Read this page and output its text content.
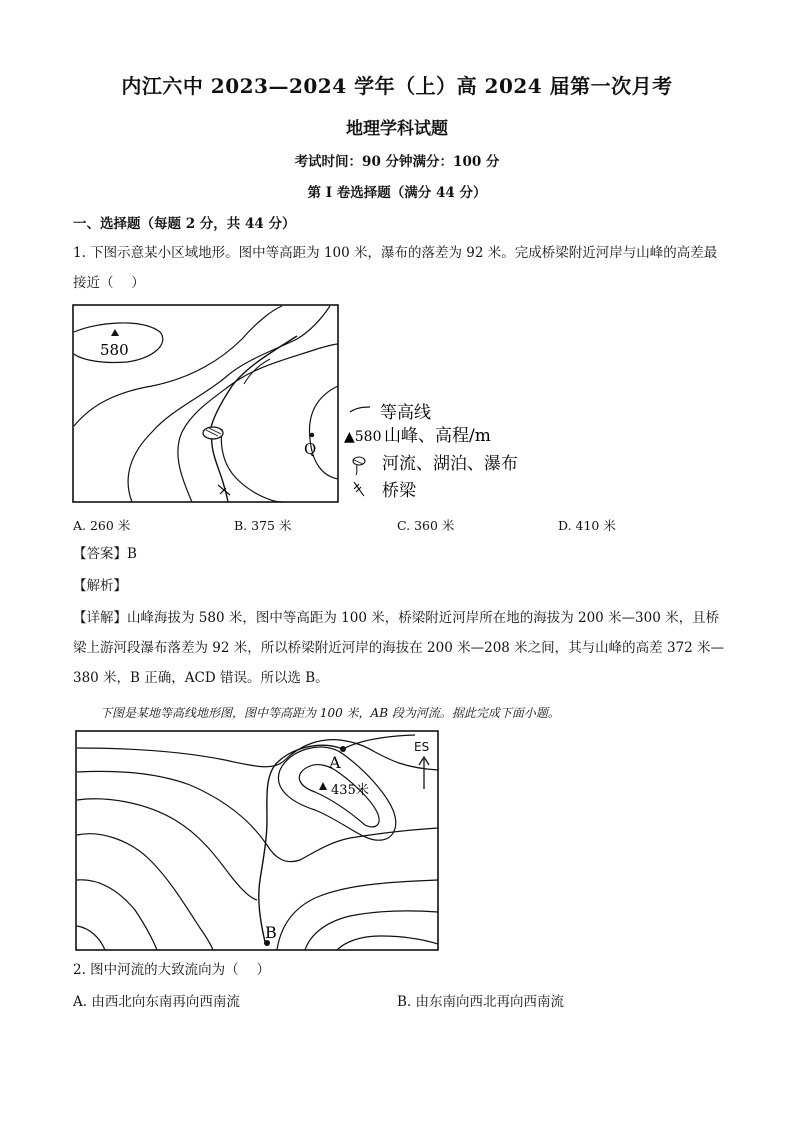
内江六中 2023—2024 学年（上）高 2024 届第一次月考
地理学科试题
考试时间：90 分钟满分：100 分
第 I 卷选择题（满分 44 分）
一、选择题（每题 2 分，共 44 分）
1. 下图示意某小区域地形。图中等高距为 100 米，瀑布的落差为 92 米。完成桥梁附近河岸与山峰的高差最
接近（　 ）
580
Q
等高线
▲580 山峰、高程/m
河流、湖泊、瀑布
桥梁
A. 260 米	B. 375 米	C. 360 米	D. 410 米
【答案】B
【解析】
【详解】山峰海拔为 580 米，图中等高距为 100 米，桥梁附近河岸所在地的海拔为 200 米—300 米，且桥
梁上游河段瀑布落差为 92 米，所以桥梁附近河岸的海拔在 200 米—208 米之间，其与山峰的高差 372 米—
380 米，B 正确，ACD 错误。所以选 B。
下图是某地等高线地形图，图中等高距为 100 米，AB 段为河流。据此完成下面小题。
A
B
435米
ES
2. 图中河流的大致流向为（　 ）
A. 由西北向东南再向西南流	B. 由东南向西北再向西南流
